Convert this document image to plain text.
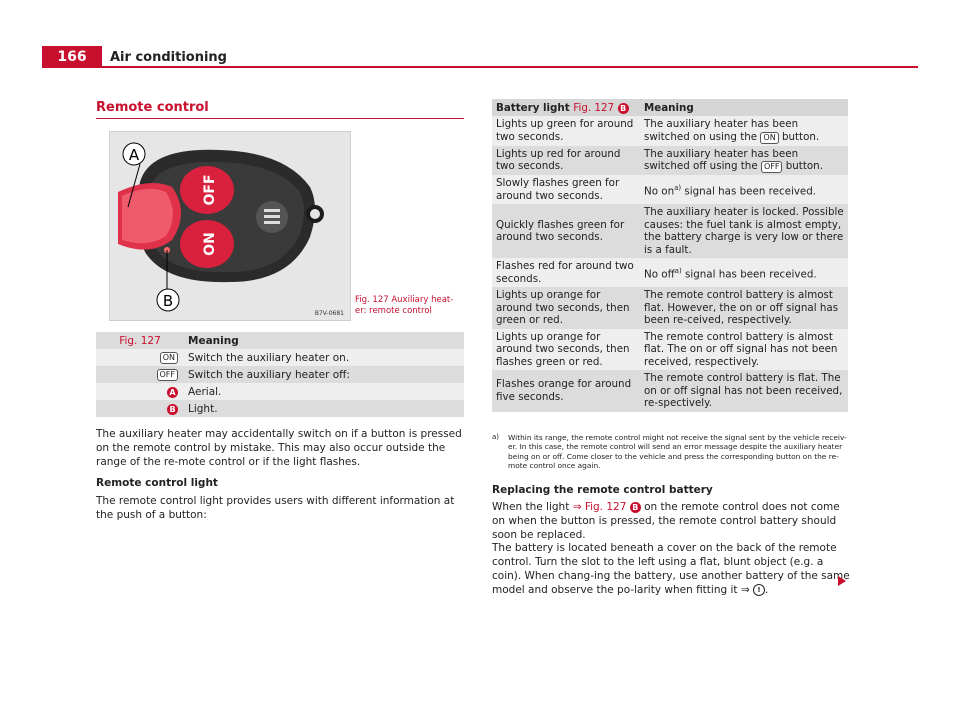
166	Air conditioning
Remote control
OFF
ON
A
B
B7V-0681
Fig. 127 Auxiliary heat-
er: remote control
Fig. 127	Meaning
ON	Switch the auxiliary heater on.
OFF	Switch the auxiliary heater off:
A	Aerial.
B	Light.
The auxiliary heater may accidentally switch on if a button is pressed on the remote control by mistake. This may also occur outside the range of the re-mote control or if the light flashes.
Remote control light
The remote control light provides users with different information at the push of a button:
Battery light Fig. 127 B	Meaning
Lights up green for around two seconds.	The auxiliary heater has been switched on using the ON button.
Lights up red for around two seconds.	The auxiliary heater has been switched off using the OFF button.
Slowly flashes green for around two seconds.	No $on^{a)}$ signal has been received.
Quickly flashes green for around two seconds.	The auxiliary heater is locked. Possible causes: the fuel tank is almost empty, the battery charge is very low or there is a fault.
Flashes red for around two seconds.	No off$^{a)}$ signal has been received.
Lights up orange for around two seconds, then green or red.	The remote control battery is almost flat. However, the on or off signal has been re-ceived, respectively.
Lights up orange for around two seconds, then flashes green or red.	The remote control battery is almost flat. The on or off signal has not been received, respectively.
Flashes orange for around five seconds.	The remote control battery is flat. The on or off signal has not been received, re-spectively.
a) Within its range, the remote control might not receive the signal sent by the vehicle receiv-er. In this case, the remote control will send an error message despite the auxiliary heater being on or off. Come closer to the vehicle and press the corresponding button on the re-mote control once again.
Replacing the remote control battery
When the light ⇒ Fig. 127 B on the remote control does not come on when the button is pressed, the remote control battery should soon be replaced.
The battery is located beneath a cover on the back of the remote control. Turn the slot to the left using a flat, blunt object (e.g. a coin). When chang-ing the battery, use another battery of the same model and observe the po-larity when fitting it ⇒ ! .
